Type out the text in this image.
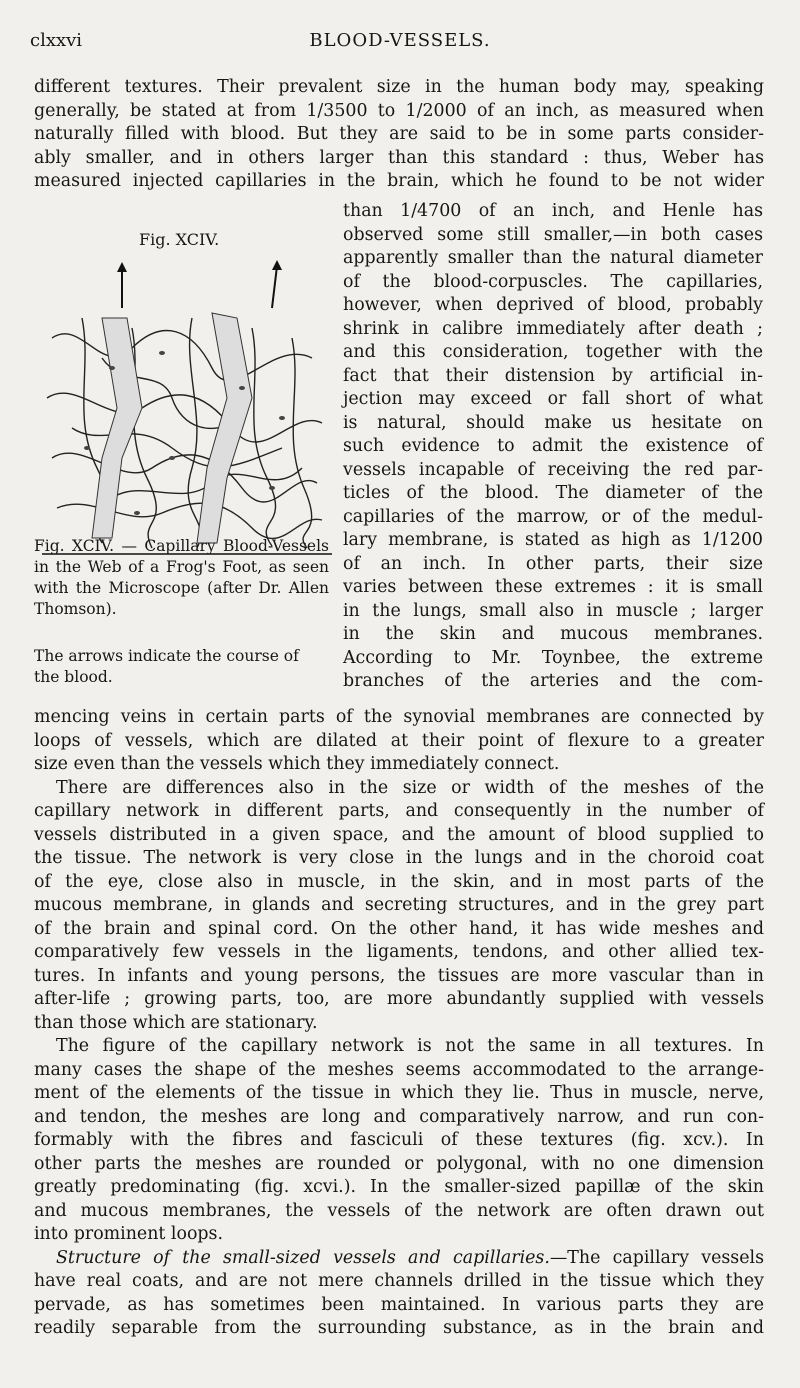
clxxvi	BLOOD-VESSELS.
different textures. Their prevalent size in the human body may, speaking
generally, be stated at from 1/3500 to 1/2000 of an inch, as measured when
naturally filled with blood. But they are said to be in some parts consider-
ably smaller, and in others larger than this standard : thus, Weber has
measured injected capillaries in the brain, which he found to be not wider
than 1/4700 of an inch, and Henle has
observed some still smaller,—in both cases
apparently smaller than the natural diameter
of the blood-corpuscles. The capillaries,
however, when deprived of blood, probably
shrink in calibre immediately after death ;
and this consideration, together with the
fact that their distension by artificial in-
jection may exceed or fall short of what
is natural, should make us hesitate on
such evidence to admit the existence of
vessels incapable of receiving the red par-
ticles of the blood. The diameter of the
capillaries of the marrow, or of the medul-
lary membrane, is stated as high as 1/1200
of an inch. In other parts, their size
varies between these extremes : it is small
in the lungs, small also in muscle ; larger
in the skin and mucous membranes.
According to Mr. Toynbee, the extreme
branches of the arteries and the com-
Fig. XCIV.
Fig. XCIV. — Capillary Blood-Vessels in the Web of a Frog's Foot, as seen with the Microscope (after Dr. Allen Thomson).
The arrows indicate the course of the blood.
mencing veins in certain parts of the synovial membranes are connected by
loops of vessels, which are dilated at their point of flexure to a greater
size even than the vessels which they immediately connect.
There are differences also in the size or width of the meshes of the
capillary network in different parts, and consequently in the number of
vessels distributed in a given space, and the amount of blood supplied to
the tissue. The network is very close in the lungs and in the choroid coat
of the eye, close also in muscle, in the skin, and in most parts of the
mucous membrane, in glands and secreting structures, and in the grey part
of the brain and spinal cord. On the other hand, it has wide meshes and
comparatively few vessels in the ligaments, tendons, and other allied tex-
tures. In infants and young persons, the tissues are more vascular than in
after-life ; growing parts, too, are more abundantly supplied with vessels
than those which are stationary.
The figure of the capillary network is not the same in all textures. In
many cases the shape of the meshes seems accommodated to the arrange-
ment of the elements of the tissue in which they lie. Thus in muscle, nerve,
and tendon, the meshes are long and comparatively narrow, and run con-
formably with the fibres and fasciculi of these textures (fig. xcv.). In
other parts the meshes are rounded or polygonal, with no one dimension
greatly predominating (fig. xcvi.). In the smaller-sized papillæ of the skin
and mucous membranes, the vessels of the network are often drawn out
into prominent loops.
Structure of the small-sized vessels and capillaries.—The capillary vessels
have real coats, and are not mere channels drilled in the tissue which they
pervade, as has sometimes been maintained. In various parts they are
readily separable from the surrounding substance, as in the brain and
